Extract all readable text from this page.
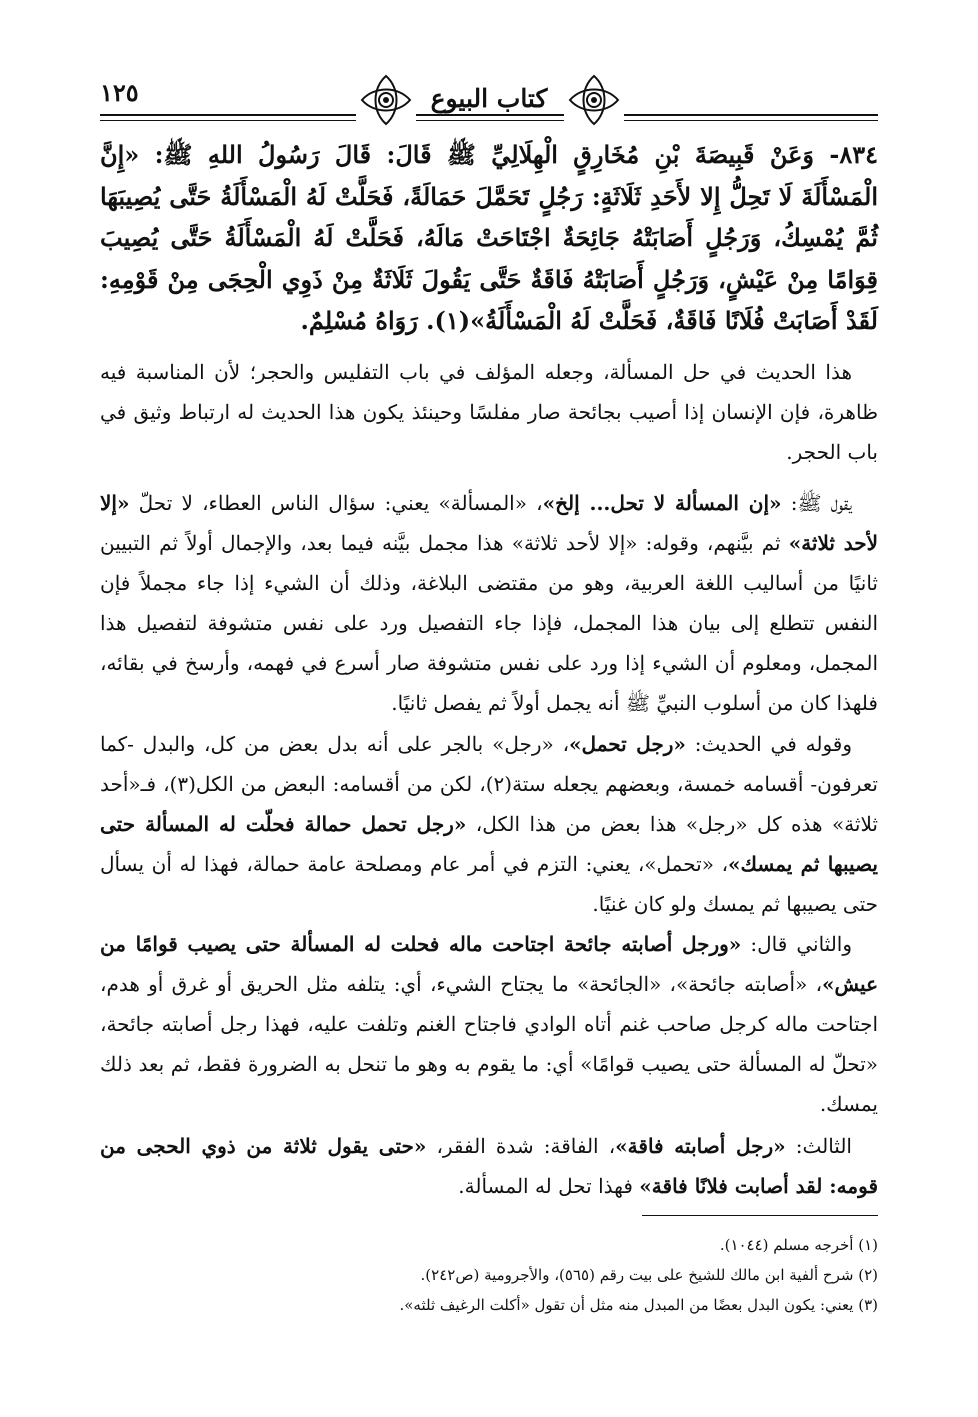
كتاب البيوع
١٢٥
٨٣٤- وَعَنْ قَبِيصَةَ بْنِ مُخَارِقٍ الْهِلَالِيِّ ﷺ قَالَ: قَالَ رَسُولُ اللهِ ﷺ: «إِنَّ الْمَسْأَلَةَ لَا تَحِلُّ إِلا لأَحَدِ ثَلَاثَةٍ: رَجُلٍ تَحَمَّلَ حَمَالَةً، فَحَلَّتْ لَهُ الْمَسْأَلَةُ حَتَّى يُصِيبَهَا ثُمَّ يُمْسِكُ، وَرَجُلٍ أَصَابَتْهُ جَائِحَةٌ اجْتَاحَتْ مَالَهُ، فَحَلَّتْ لَهُ الْمَسْأَلَةُ حَتَّى يُصِيبَ قِوَامًا مِنْ عَيْشٍ، وَرَجُلٍ أَصَابَتْهُ فَاقَةٌ حَتَّى يَقُولَ ثَلَاثَةٌ مِنْ ذَوِي الْحِجَى مِنْ قَوْمِهِ: لَقَدْ أَصَابَتْ فُلَانًا فَاقَةٌ، فَحَلَّتْ لَهُ الْمَسْأَلَةُ»(١). رَوَاهُ مُسْلِمٌ.

هذا الحديث في حل المسألة، وجعله المؤلف في باب التفليس والحجر؛ لأن المناسبة فيه ظاهرة، فإن الإنسان إذا أصيب بجائحة صار مفلسًا وحينئذ يكون هذا الحديث له ارتباط وثيق في باب الحجر.

يقول ﷺ: «إن المسألة لا تحل... إلخ»، «المسألة» يعني: سؤال الناس العطاء، لا تحلّ «إلا لأحد ثلاثة» ثم بيَّنهم، وقوله: «إلا لأحد ثلاثة» هذا مجمل بيَّنه فيما بعد، والإجمال أولاً ثم التبيين ثانيًا من أساليب اللغة العربية، وهو من مقتضى البلاغة، وذلك أن الشيء إذا جاء مجملاً فإن النفس تتطلع إلى بيان هذا المجمل، فإذا جاء التفصيل ورد على نفس متشوفة لتفصيل هذا المجمل، ومعلوم أن الشيء إذا ورد على نفس متشوفة صار أسرع في فهمه، وأرسخ في بقائه، فلهذا كان من أسلوب النبيِّ ﷺ أنه يجمل أولاً ثم يفصل ثانيًا.

وقوله في الحديث: «رجل تحمل»، «رجل» بالجر على أنه بدل بعض من كل، والبدل -كما تعرفون- أقسامه خمسة، وبعضهم يجعله ستة(٢)، لكن من أقسامه: البعض من الكل(٣)، فـ«أحد ثلاثة» هذه كل «رجل» هذا بعض من هذا الكل، «رجل تحمل حمالة فحلّت له المسألة حتى يصيبها ثم يمسك»، «تحمل»، يعني: التزم في أمر عام ومصلحة عامة حمالة، فهذا له أن يسأل حتى يصيبها ثم يمسك ولو كان غنيًا.

والثاني قال: «ورجل أصابته جائحة اجتاحت ماله فحلت له المسألة حتى يصيب قوامًا من عيش»، «أصابته جائحة»، «الجائحة» ما يجتاح الشيء، أي: يتلفه مثل الحريق أو غرق أو هدم، اجتاحت ماله كرجل صاحب غنم أتاه الوادي فاجتاح الغنم وتلفت عليه، فهذا رجل أصابته جائحة، «تحلّ له المسألة حتى يصيب قوامًا» أي: ما يقوم به وهو ما تنحل به الضرورة فقط، ثم بعد ذلك يمسك.

الثالث: «رجل أصابته فاقة»، الفاقة: شدة الفقر، «حتى يقول ثلاثة من ذوي الحجى من قومه: لقد أصابت فلانًا فاقة» فهذا تحل له المسألة.

(١) أخرجه مسلم (١٠٤٤).
(٢) شرح ألفية ابن مالك للشيخ على بيت رقم (٥٦٥)، والأجرومية (ص٢٤٢).
(٣) يعني: يكون البدل بعضًا من المبدل منه مثل أن تقول «أكلت الرغيف ثلثه».
